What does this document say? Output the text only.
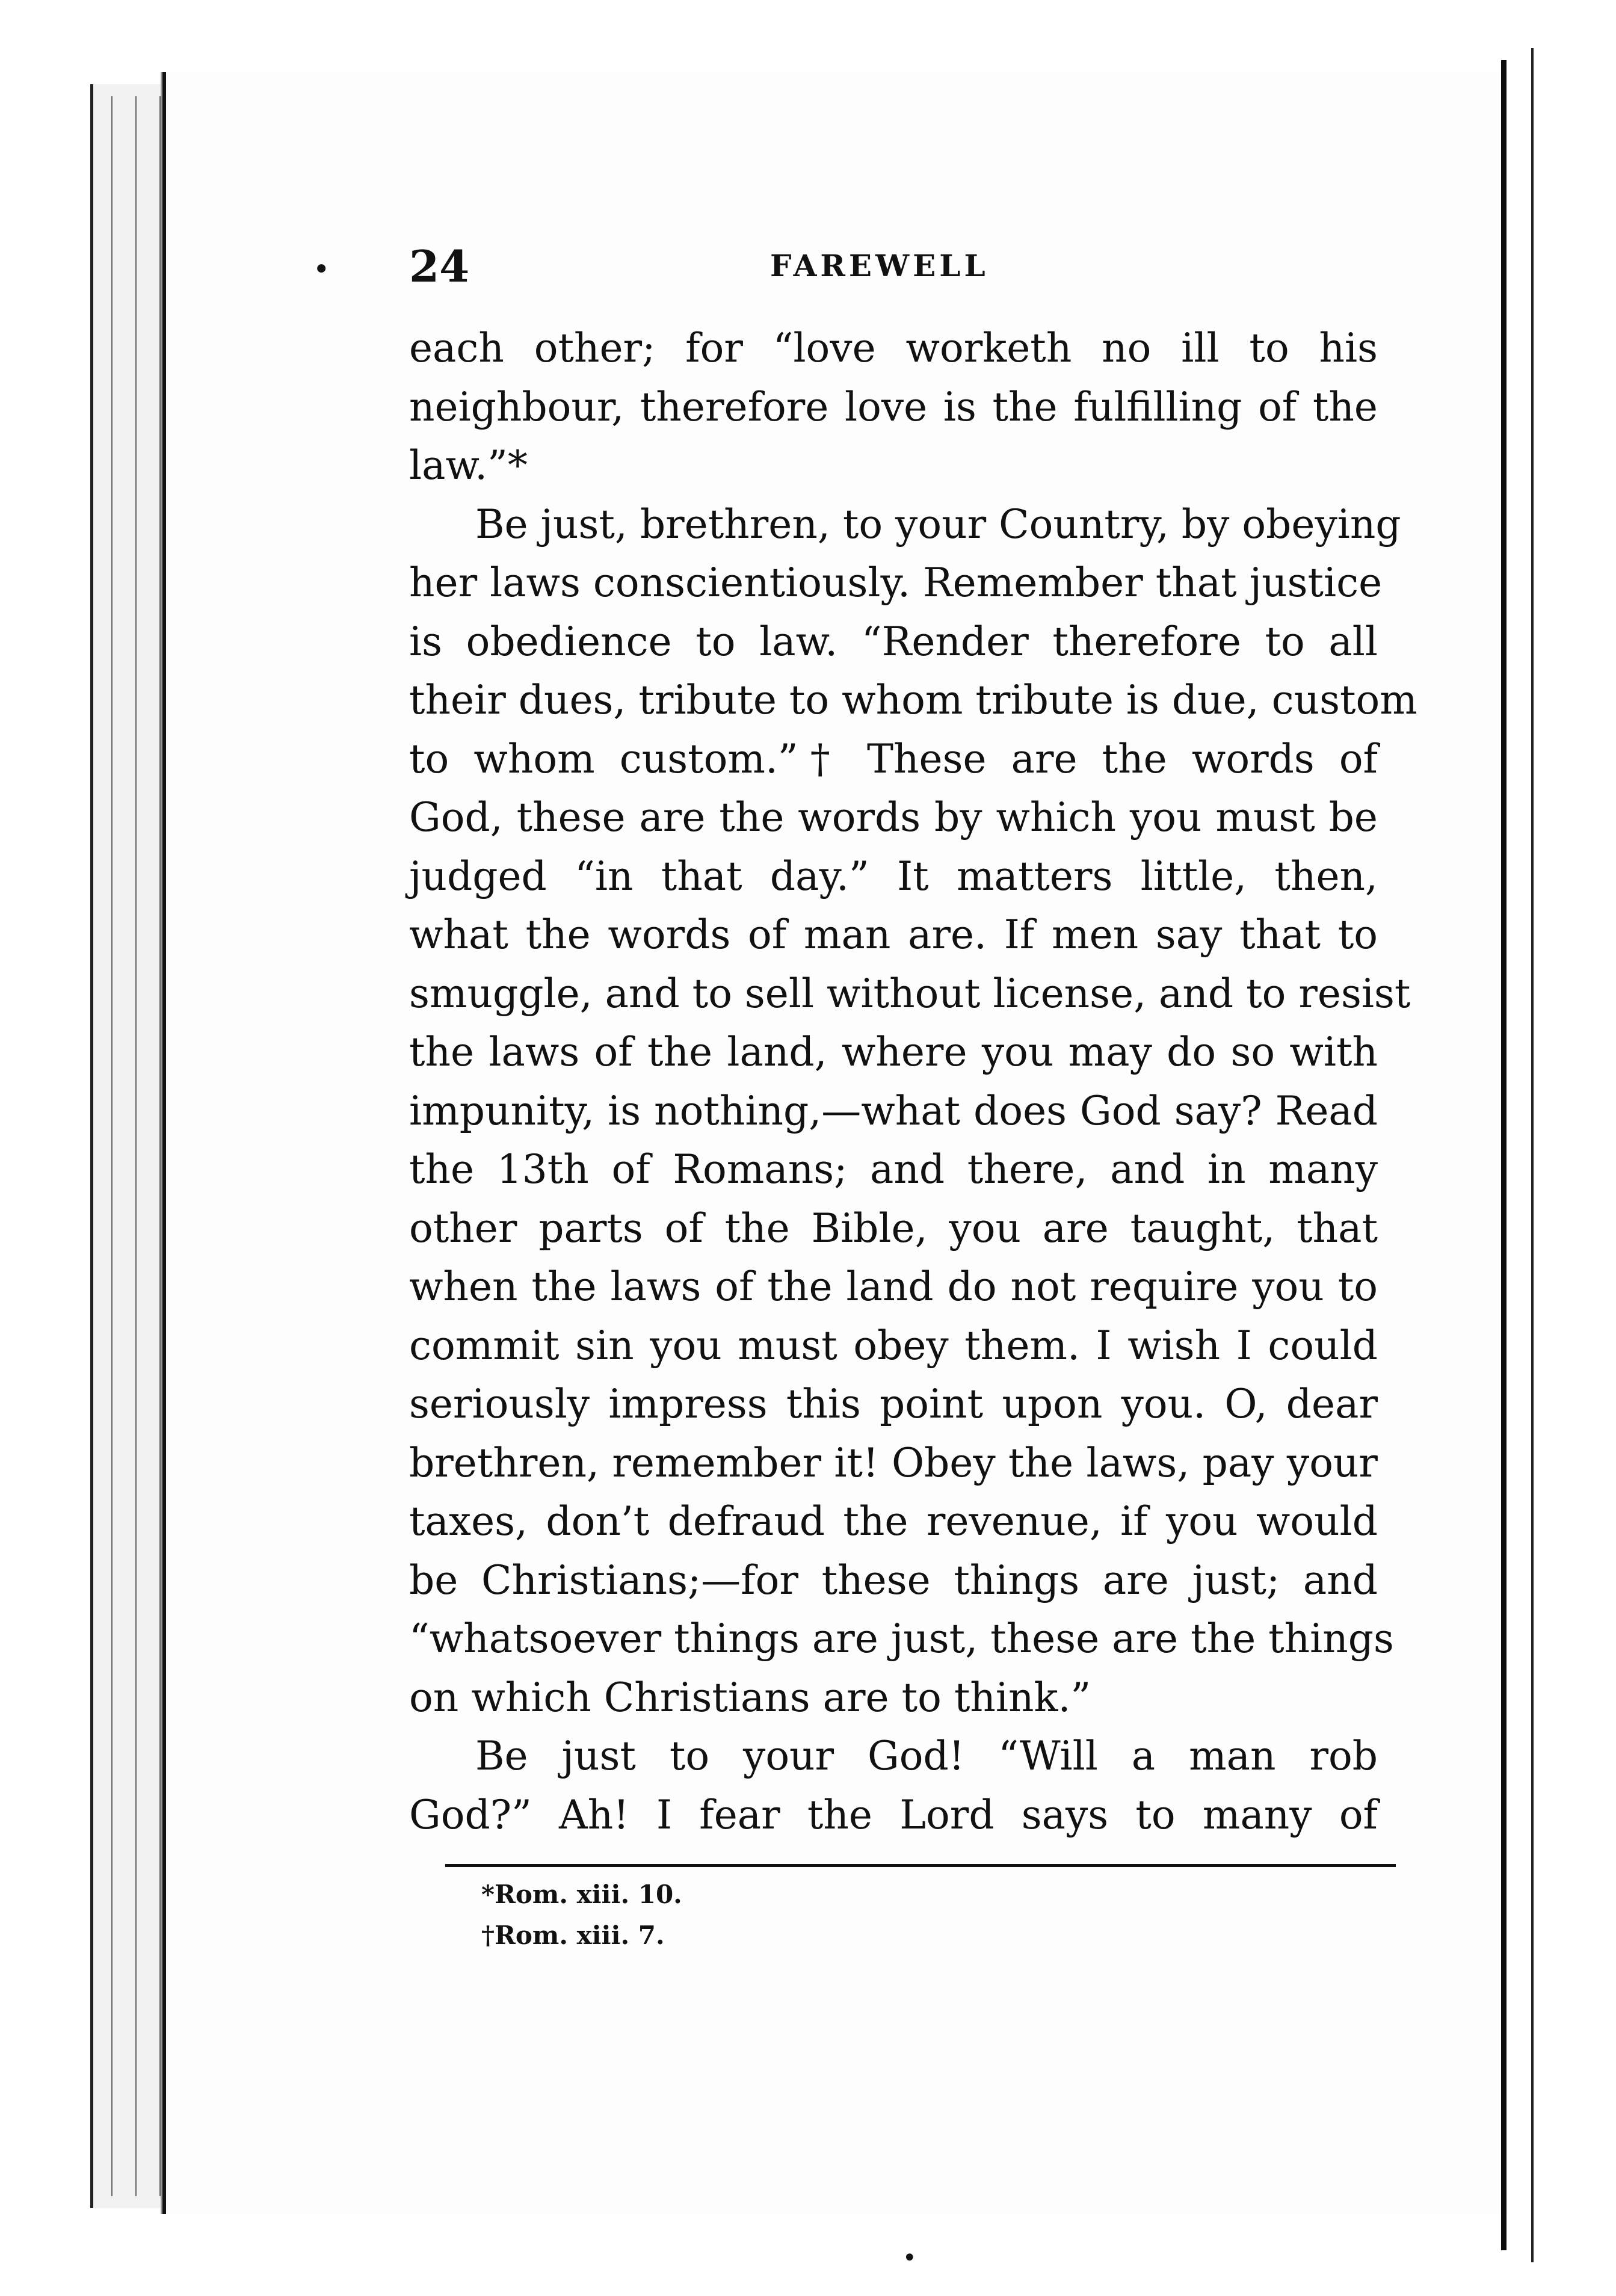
•
•
24	FAREWELL
each other; for “love worketh no ill to his
neighbour, therefore love is the fulfilling of the
law.”*
Be just, brethren, to your Country, by obeying
her laws conscientiously. Remember that justice
is obedience to law. “Render therefore to all
their dues, tribute to whom tribute is due, custom
to whom custom.”† These are the words of
God, these are the words by which you must be
judged “in that day.” It matters little, then,
what the words of man are. If men say that to
smuggle, and to sell without license, and to resist
the laws of the land, where you may do so with
impunity, is nothing,—what does God say? Read
the 13th of Romans; and there, and in many
other parts of the Bible, you are taught, that
when the laws of the land do not require you to
commit sin you must obey them. I wish I could
seriously impress this point upon you. O, dear
brethren, remember it! Obey the laws, pay your
taxes, don’t defraud the revenue, if you would
be Christians;—for these things are just; and
“whatsoever things are just, these are the things
on which Christians are to think.”
Be just to your God! “Will a man rob
God?” Ah! I fear the Lord says to many of
*Rom. xiii. 10.
†Rom. xiii. 7.
